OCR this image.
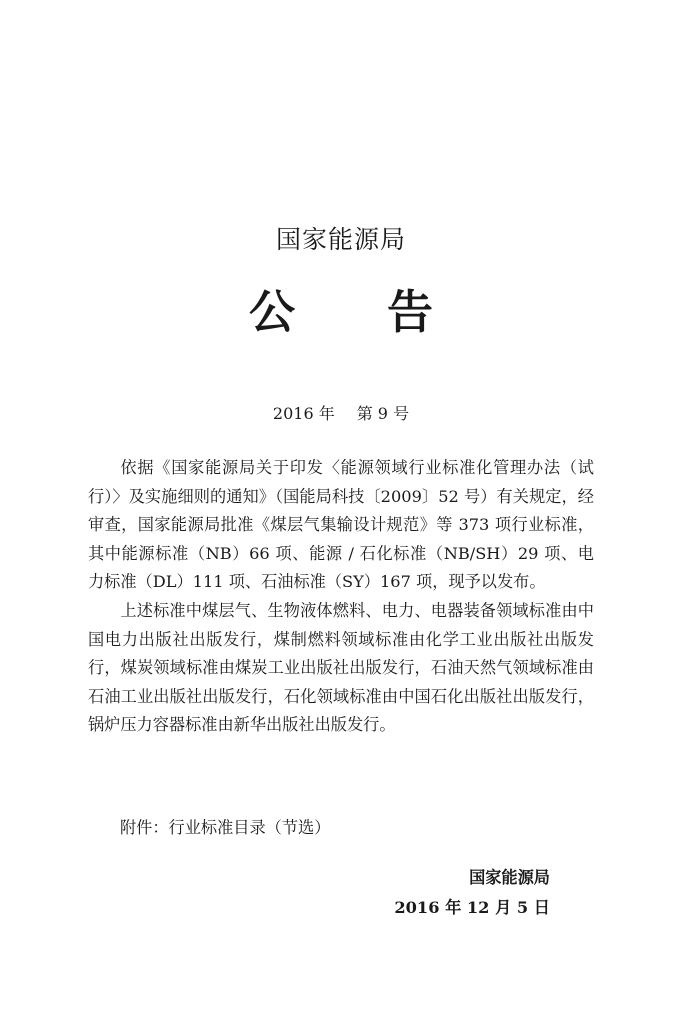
国家能源局
公 告
2016 年 第 9 号

依据《国家能源局关于印发〈能源领域行业标准化管理办法（试行）〉及实施细则的通知》（国能局科技〔2009〕52 号）有关规定，经审查，国家能源局批准《煤层气集输设计规范》等 373 项行业标准，其中能源标准（NB）66 项、能源 / 石化标准（NB/SH）29 项、电力标准（DL）111 项、石油标准（SY）167 项，现予以发布。

上述标准中煤层气、生物液体燃料、电力、电器装备领域标准由中国电力出版社出版发行，煤制燃料领域标准由化学工业出版社出版发行，煤炭领域标准由煤炭工业出版社出版发行，石油天然气领域标准由石油工业出版社出版发行，石化领域标准由中国石化出版社出版发行，锅炉压力容器标准由新华出版社出版发行。

附件：行业标准目录（节选）
国家能源局
2016 年 12 月 5 日
